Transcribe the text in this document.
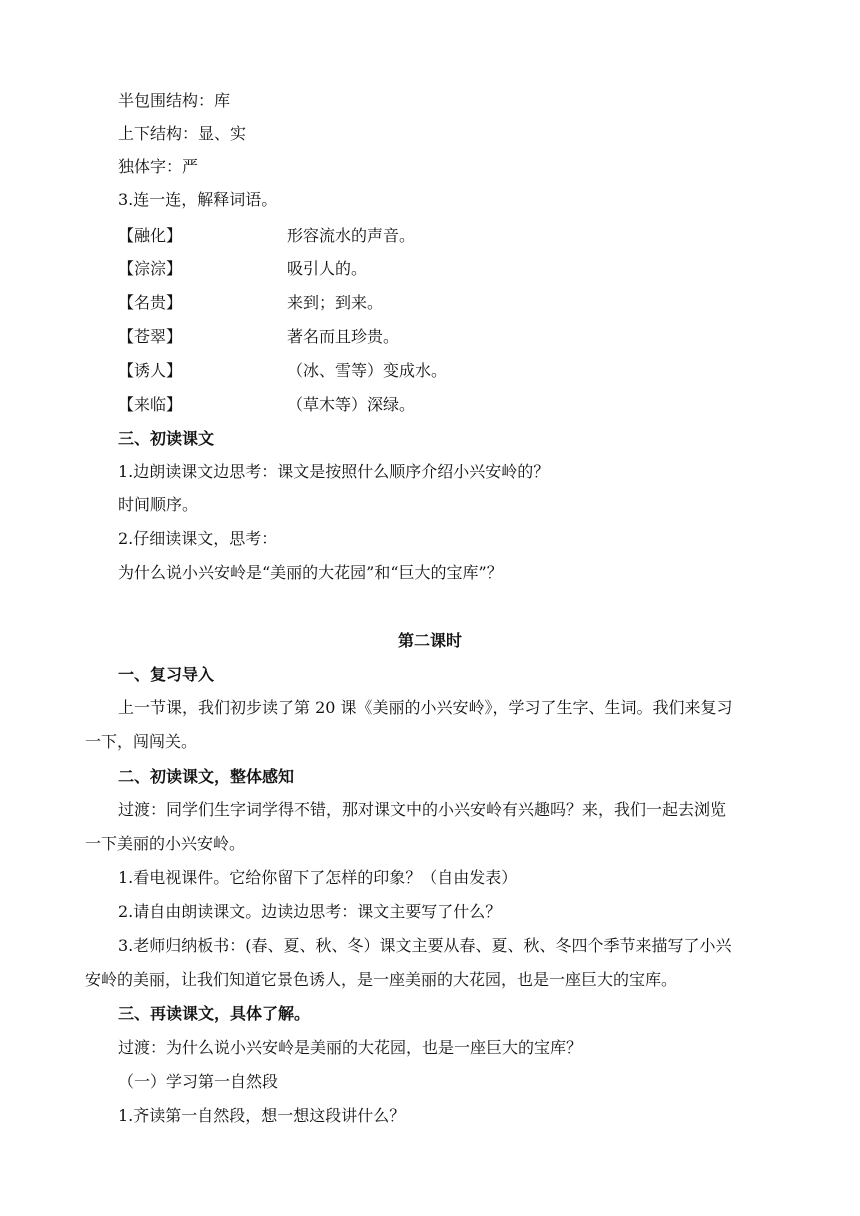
半包围结构：库
上下结构：显、实
独体字：严
3.连一连，解释词语。
【融化】	形容流水的声音。
【淙淙】	吸引人的。
【名贵】	来到；到来。
【苍翠】	著名而且珍贵。
【诱人】	（冰、雪等）变成水。
【来临】	（草木等）深绿。
三、初读课文
1.边朗读课文边思考：课文是按照什么顺序介绍小兴安岭的？
时间顺序。
2.仔细读课文，思考：
为什么说小兴安岭是“美丽的大花园”和“巨大的宝库”？
第二课时
一、复习导入
上一节课，我们初步读了第 20 课《美丽的小兴安岭》，学习了生字、生词。我们来复习
一下，闯闯关。
二、初读课文，整体感知
过渡：同学们生字词学得不错，那对课文中的小兴安岭有兴趣吗？来，我们一起去浏览
一下美丽的小兴安岭。
1.看电视课件。它给你留下了怎样的印象？（自由发表）
2.请自由朗读课文。边读边思考：课文主要写了什么？
3.老师归纳板书：(春、夏、秋、冬）课文主要从春、夏、秋、冬四个季节来描写了小兴
安岭的美丽，让我们知道它景色诱人，是一座美丽的大花园，也是一座巨大的宝库。
三、再读课文，具体了解。
过渡：为什么说小兴安岭是美丽的大花园，也是一座巨大的宝库？
（一）学习第一自然段
1.齐读第一自然段，想一想这段讲什么？
